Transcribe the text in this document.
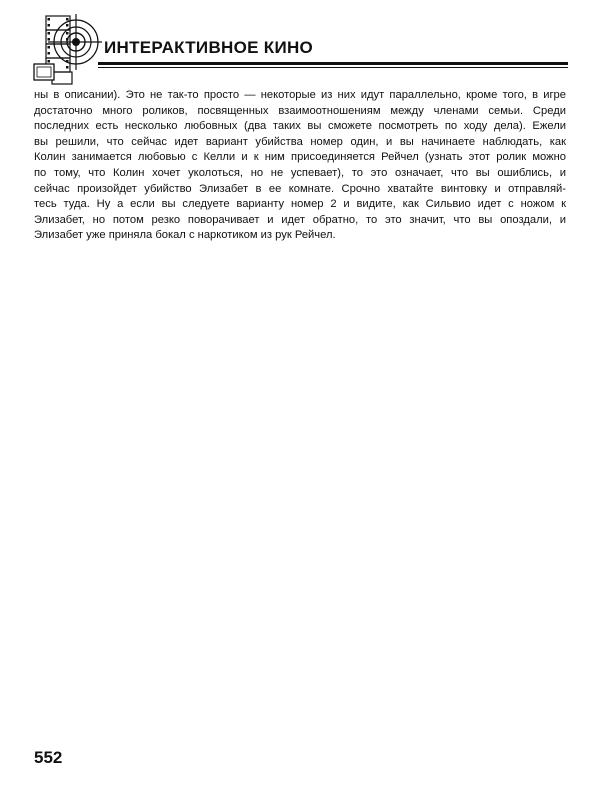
ИНТЕРАКТИВНОЕ КИНО
ны в описании). Это не так-то просто — некоторые из них идут параллельно, кроме того, в игре
достаточно много роликов, посвященных взаимоотношениям между членами семьи. Среди
последних есть несколько любовных (два таких вы сможете посмотреть по ходу дела). Ежели
вы решили, что сейчас идет вариант убийства номер один, и вы начинаете наблюдать, как
Колин занимается любовью с Келли и к ним присоединяется Рейчел (узнать этот ролик можно
по тому, что Колин хочет уколоться, но не успевает), то это означает, что вы ошиблись, и
сейчас произойдет убийство Элизабет в ее комнате. Срочно хватайте винтовку и отправляй-
тесь туда. Ну а если вы следуете варианту номер 2 и видите, как Сильвио идет с ножом к
Элизабет, но потом резко поворачивает и идет обратно, то это значит, что вы опоздали, и
Элизабет уже приняла бокал с наркотиком из рук Рейчел.
552
